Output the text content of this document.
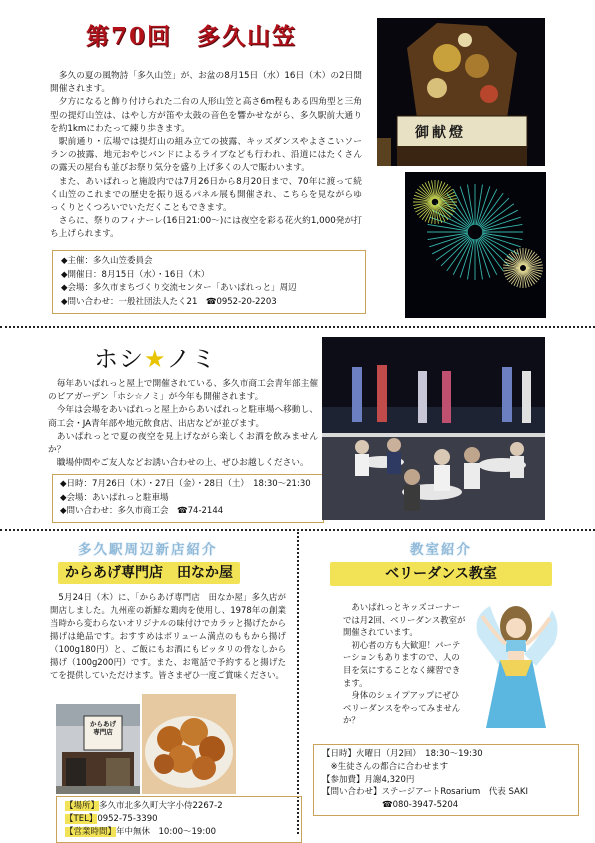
第70回　多久山笠

多久の夏の風物詩「多久山笠」が、お盆の8月15日（水）16日（木）の2日間開催されます。

夕方になると飾り付けられた二台の人形山笠と高さ6m程もある四角型と三角型の提灯山笠は、はやし方が笛や太鼓の音色を響かせながら、多久駅前大通りを約1kmにわたって練り歩きます。

駅前通り・広場では提灯山の組み立ての披露、キッズダンスやよさこいソーランの披露、地元おやじバンドによるライブなども行われ、沿道にはたくさんの露天の屋台も並びお祭り気分を盛り上げ多くの人で賑わいます。

また、あいぱれっと施設内では7月26日から8月20日まで、70年に渡って続く山笠のこれまでの歴史を振り返るパネル展も開催され、こちらを見ながらゆっくりとくつろいでいただくこともできます。

さらに、祭りのフィナーレ(16日21:00～)には夜空を彩る花火約1,000発が打ち上げられます。

◆主催：多久山笠委員会
◆開催日：8月15日（水）・16日（木）
◆会場：多久市まちづくり交流センター「あいぱれっと」周辺
◆問い合わせ：一般社団法人たく21　☎0952-20-2203
御献燈
ホシ★ノミ

毎年あいぱれっと屋上で開催されている、多久市商工会青年部主催のビアガーデン「ホシ☆ノミ」が今年も開催されます。

今年は会場をあいぱれっと屋上からあいぱれっと駐車場へ移動し、商工会・JA青年部や地元飲食店、出店などが並びます。

あいぱれっとで夏の夜空を見上げながら楽しくお酒を飲みませんか？

職場仲間やご友人などお誘い合わせの上、ぜひお越しください。

◆日時：7月26日（木）・27日（金）・28日（土）　18:30～21:30
◆会場：あいぱれっと駐車場
◆問い合わせ：多久市商工会　☎74-2144
多久駅周辺新店紹介
からあげ専門店　田なか屋

5月24日（木）に、「からあげ専門店　田なか屋」多久店が開店しました。九州産の新鮮な鶏肉を使用し、1978年の創業当時から変わらないオリジナルの味付けでカラッと揚げたから揚げは絶品です。おすすめはボリューム満点のももから揚げ（100g180円）と、ご飯にもお酒にもピッタリの骨なしから揚げ（100g200円）です。また、お電話で予約すると揚げたてを提供していただけます。皆さまぜひ一度ご賞味ください。

からあげ専門店
【場所】多久市北多久町大字小侍2267-2
【TEL】0952-75-3390
【営業時間】年中無休　10:00～19:00
教室紹介
ベリーダンス教室

あいぱれっとキッズコーナーでは月2回、ベリーダンス教室が開催されています。

初心者の方も大歓迎！パーテーションもありますので、人の目を気にすることなく練習できます。

身体のシェイプアップにぜひベリーダンスをやってみませんか？

【日時】火曜日（月2回）　18:30～19:30
　※生徒さんの都合に合わせます
【参加費】月謝4,320円
【問い合わせ】ステージアートRosarium　代表 SAKI
☎080-3947-5204
